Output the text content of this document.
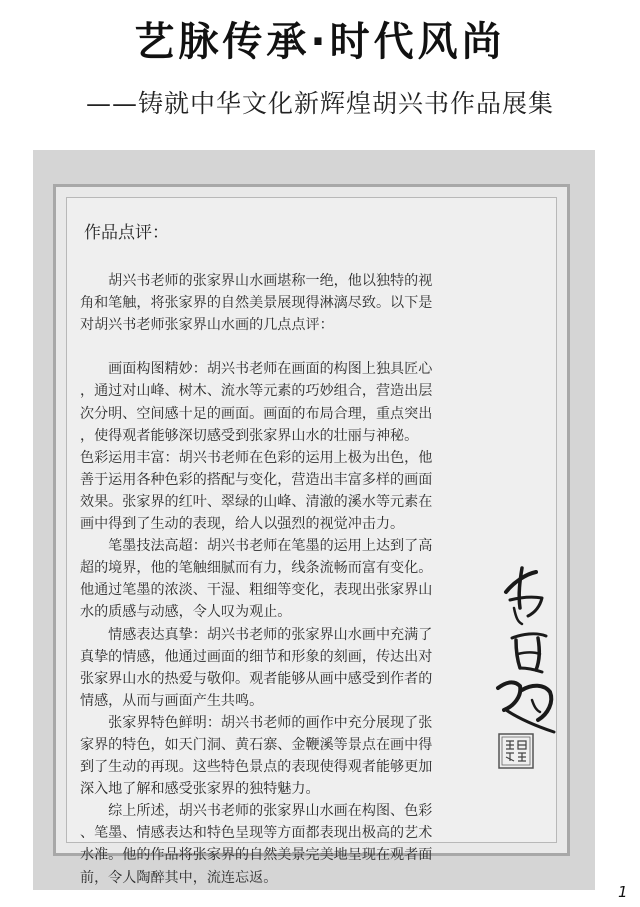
艺脉传承·时代风尚
——铸就中华文化新辉煌胡兴书作品展集
作品点评：
　　胡兴书老师的张家界山水画堪称一绝，他以独特的视
角和笔触，将张家界的自然美景展现得淋漓尽致。以下是
对胡兴书老师张家界山水画的几点点评：
　　画面构图精妙：胡兴书老师在画面的构图上独具匠心
，通过对山峰、树木、流水等元素的巧妙组合，营造出层
次分明、空间感十足的画面。画面的布局合理，重点突出
，使得观者能够深切感受到张家界山水的壮丽与神秘。
色彩运用丰富：胡兴书老师在色彩的运用上极为出色，他
善于运用各种色彩的搭配与变化，营造出丰富多样的画面
效果。张家界的红叶、翠绿的山峰、清澈的溪水等元素在
画中得到了生动的表现，给人以强烈的视觉冲击力。
　　笔墨技法高超：胡兴书老师在笔墨的运用上达到了高
超的境界，他的笔触细腻而有力，线条流畅而富有变化。
他通过笔墨的浓淡、干湿、粗细等变化，表现出张家界山
水的质感与动感，令人叹为观止。
　　情感表达真挚：胡兴书老师的张家界山水画中充满了
真挚的情感，他通过画面的细节和形象的刻画，传达出对
张家界山水的热爱与敬仰。观者能够从画中感受到作者的
情感，从而与画面产生共鸣。
　　张家界特色鲜明：胡兴书老师的画作中充分展现了张
家界的特色，如天门洞、黄石寨、金鞭溪等景点在画中得
到了生动的再现。这些特色景点的表现使得观者能够更加
深入地了解和感受张家界的独特魅力。
　　综上所述，胡兴书老师的张家界山水画在构图、色彩
、笔墨、情感表达和特色呈现等方面都表现出极高的艺术
水准。他的作品将张家界的自然美景完美地呈现在观者面
前，令人陶醉其中，流连忘返。
1
